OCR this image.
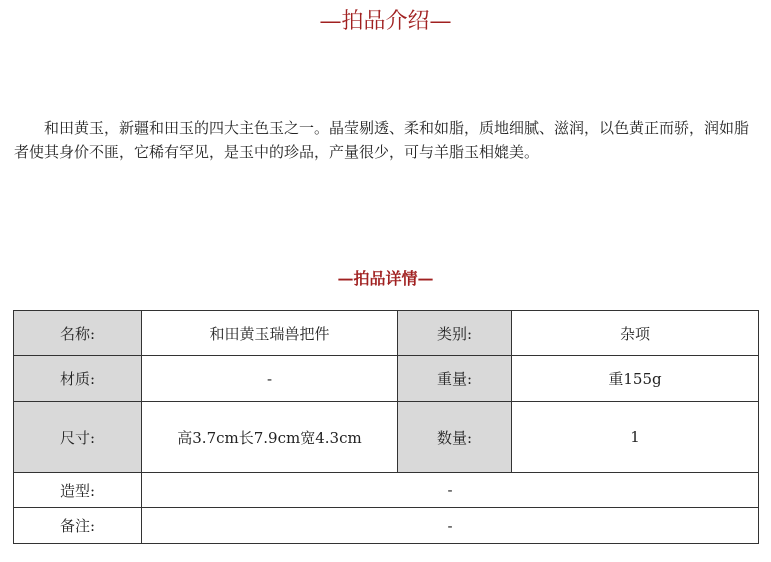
—拍品介绍—

和田黄玉，新疆和田玉的四大主色玉之一。晶莹剔透、柔和如脂，质地细腻、滋润，以色黄正而骄，润如脂者使其身价不匪，它稀有罕见，是玉中的珍品，产量很少，可与羊脂玉相媲美。

—拍品详情—
名称:	和田黄玉瑞兽把件	类别:	杂项
材质:	-	重量:	重155g
尺寸:	高3.7cm长7.9cm宽4.3cm	数量:	1
造型:	-		
备注:	-		
